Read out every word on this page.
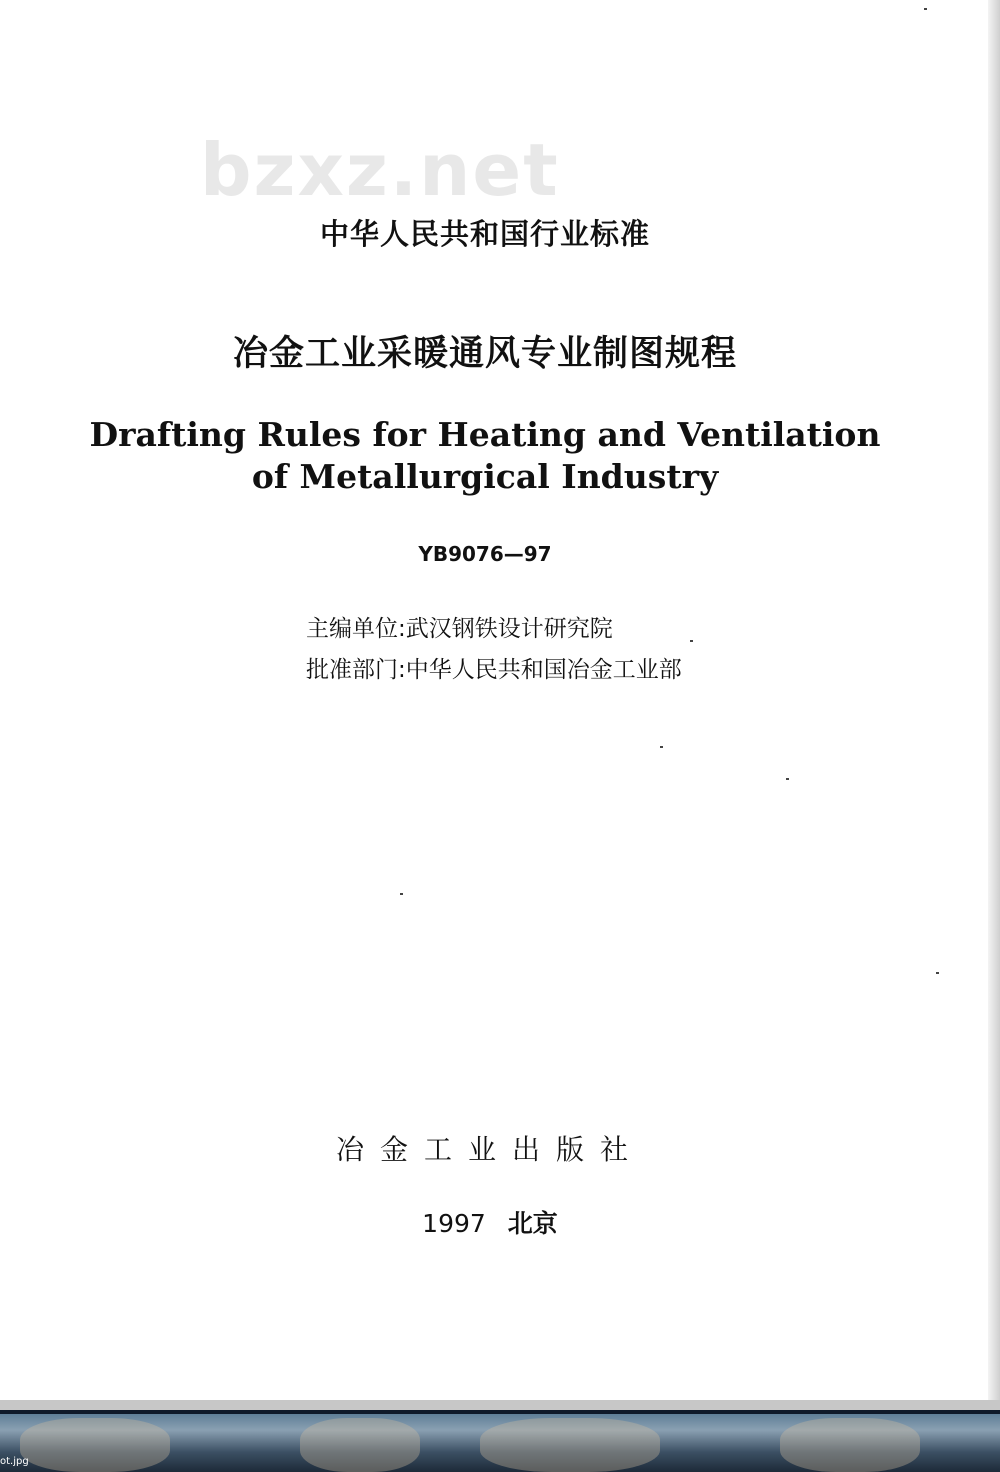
bzxz.net
中华人民共和国行业标准
冶金工业采暖通风专业制图规程
Drafting Rules for Heating and Ventilation
of Metallurgical Industry
YB9076—97
主编单位:武汉钢铁设计研究院
批准部门:中华人民共和国冶金工业部
冶金工业出版社
1997 北京
ot.jpg
